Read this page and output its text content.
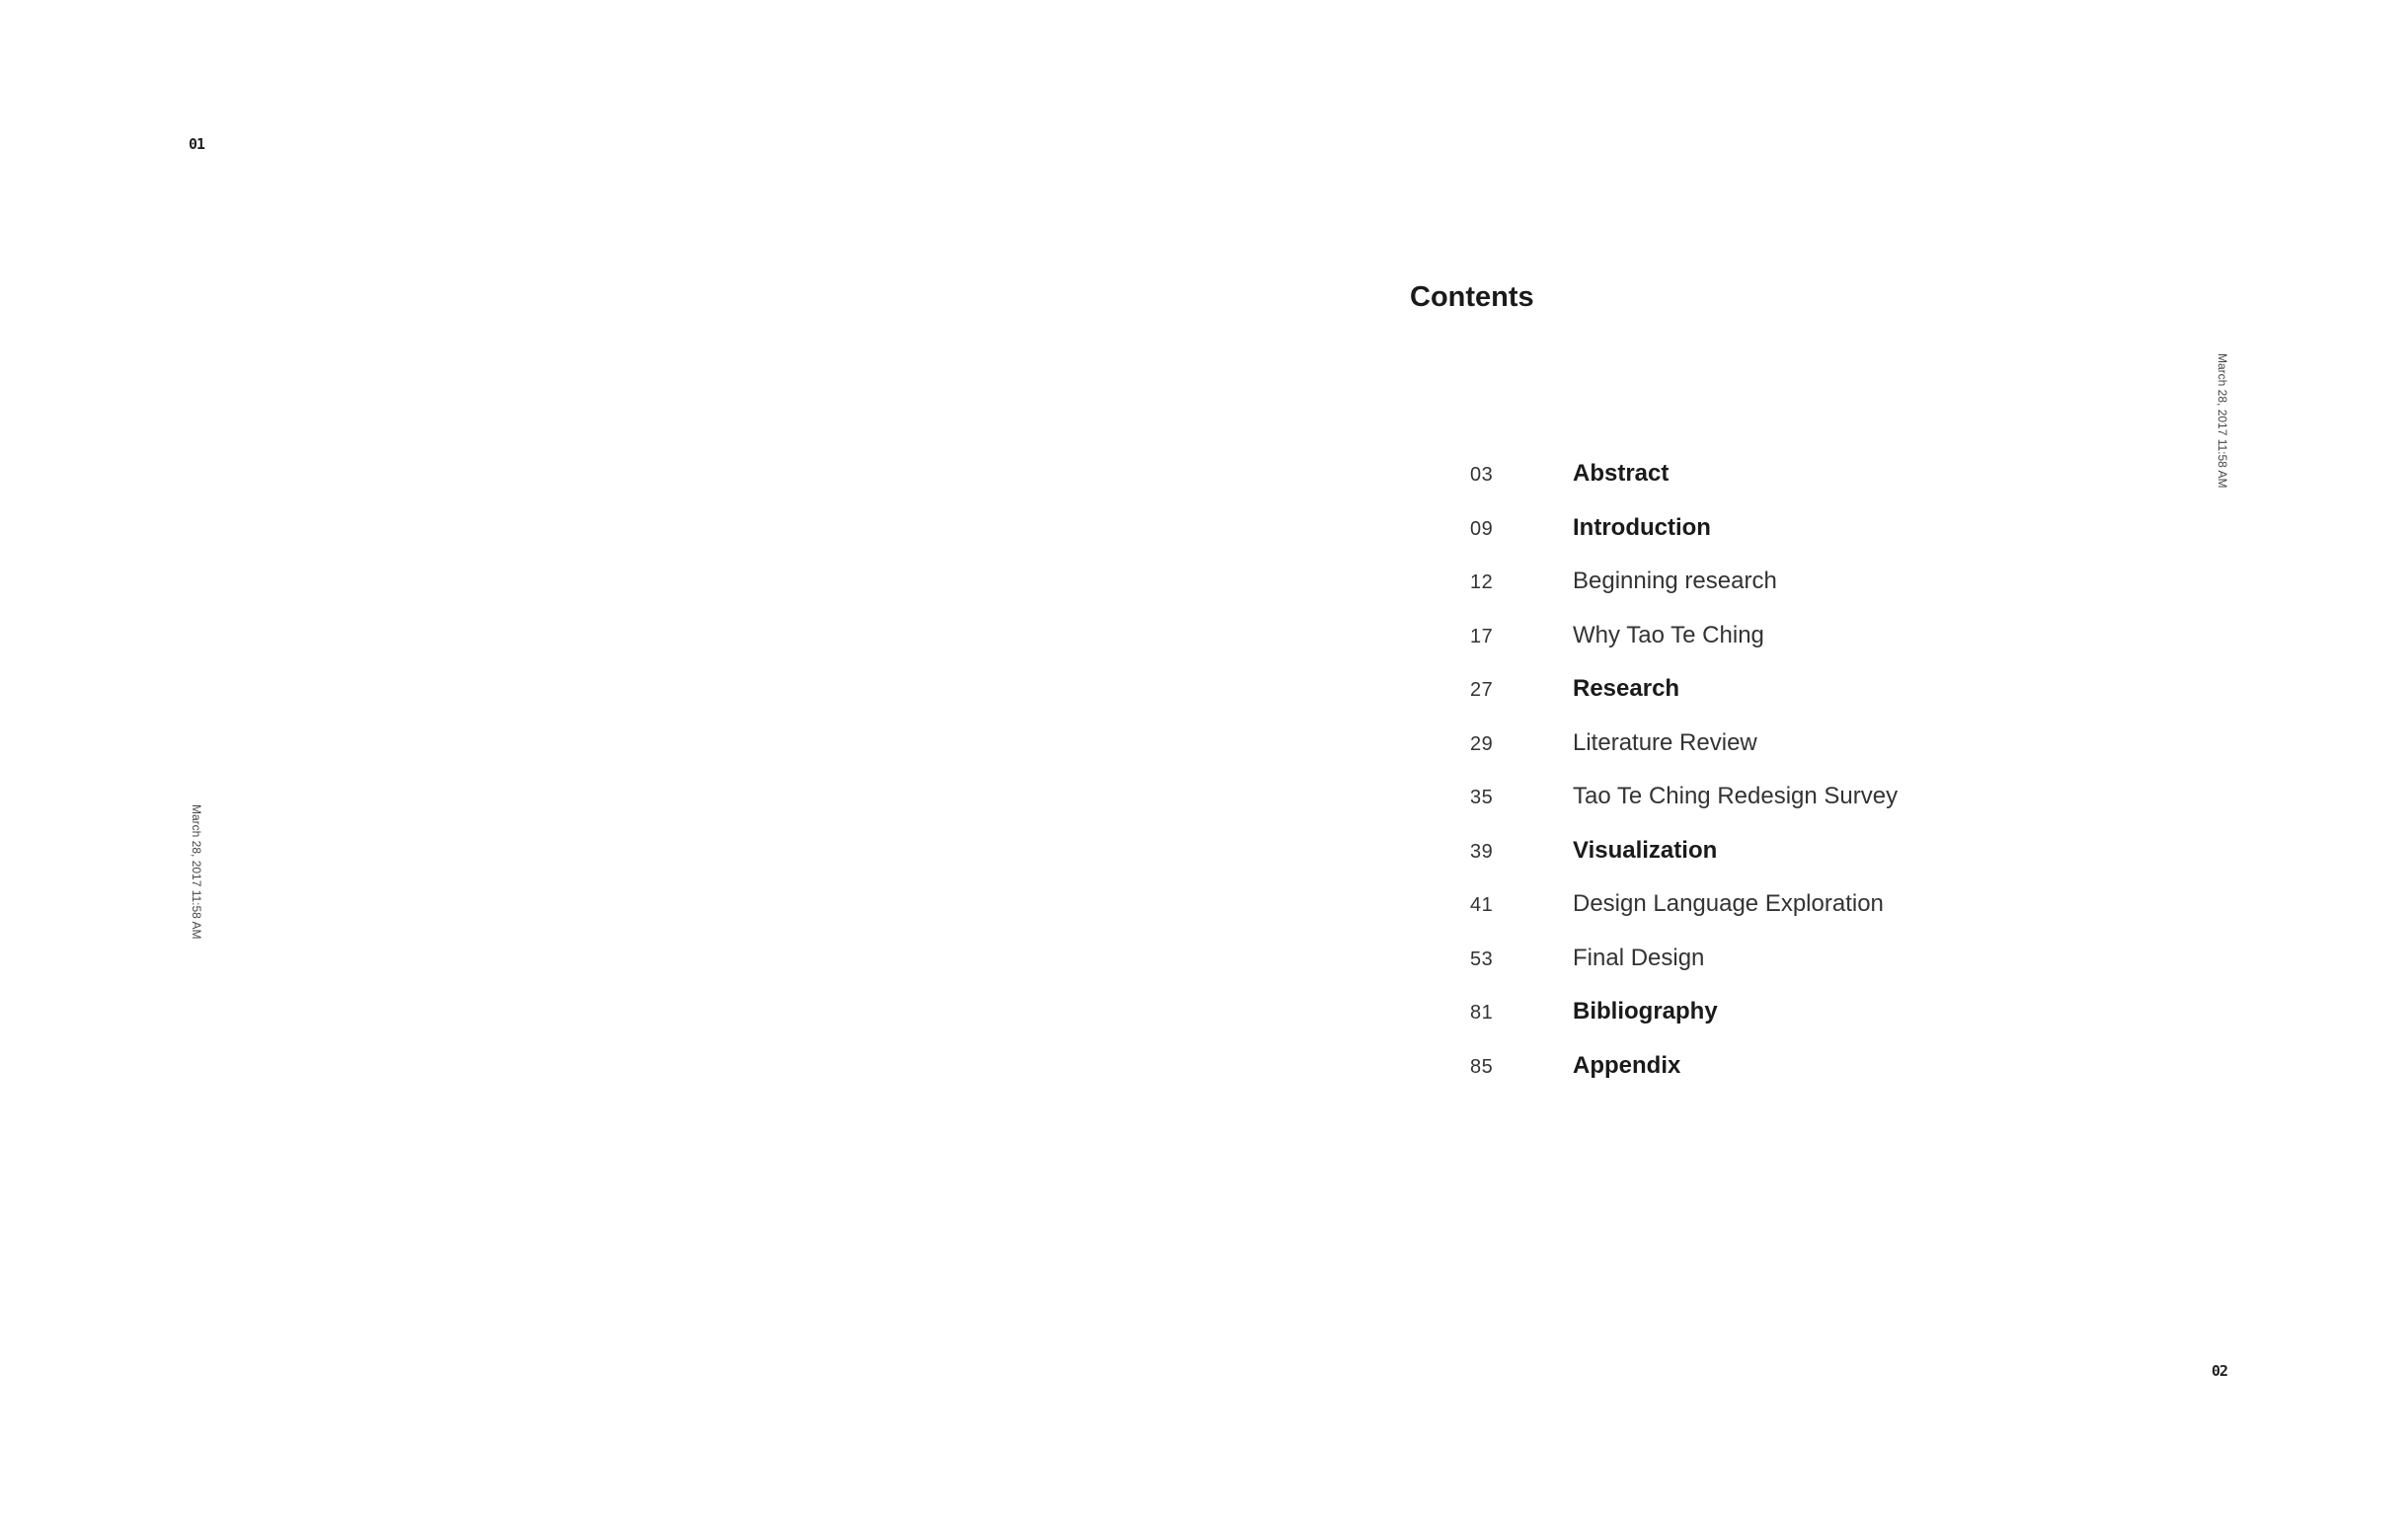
01
March 28, 2017 11:58 AM
Contents
03	Abstract
09	Introduction
12	Beginning research
17	Why Tao Te Ching
27	Research
29	Literature Review
35	Tao Te Ching Redesign Survey
39	Visualization
41	Design Language Exploration
53	Final Design
81	Bibliography
85	Appendix
March 28, 2017 11:58 AM
02
